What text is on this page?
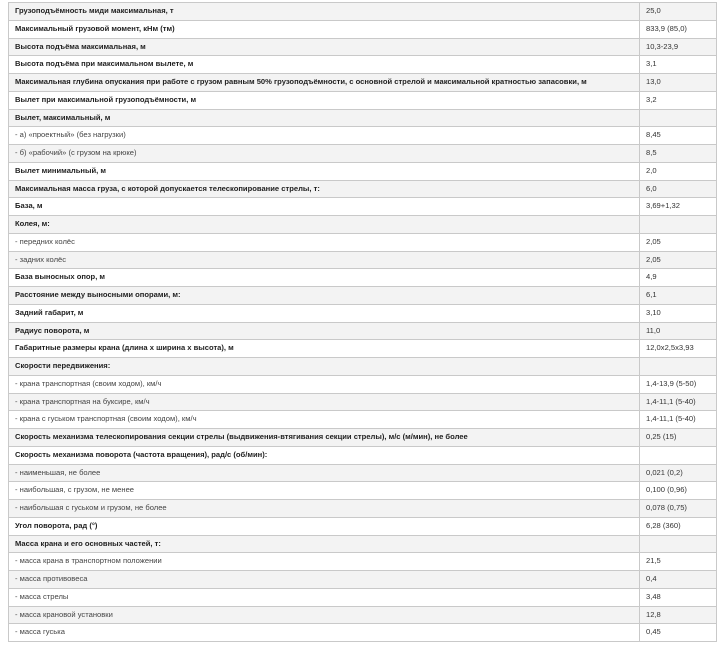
Грузоподъёмность миди максимальная, т	25,0
Максимальный грузовой момент, кНм (тм)	833,9 (85,0)
Высота подъёма максимальная, м	10,3-23,9
Высота подъёма при максимальном вылете, м	3,1
Максимальная глубина опускания при работе с грузом равным 50% грузоподъёмности, с основной стрелой и максимальной кратностью запасовки, м	13,0
Вылет при максимальной грузоподъёмности, м	3,2
Вылет, максимальный, м	
- а) «проектный» (без нагрузки)	8,45
- б) «рабочий» (с грузом на крюке)	8,5
Вылет минимальный, м	2,0
Максимальная масса груза, с которой допускается телескопирование стрелы, т:	6,0
База, м	3,69+1,32
Колея, м:	
- передних колёс	2,05
- задних колёс	2,05
База выносных опор, м	4,9
Расстояние между выносными опорами, м:	6,1
Задний габарит, м	3,10
Радиус поворота, м	11,0
Габаритные размеры крана (длина х ширина х высота), м	12,0х2,5х3,93
Скорости передвижения:	
- крана транспортная (своим ходом), км/ч	1,4-13,9 (5-50)
- крана транспортная на буксире, км/ч	1,4-11,1 (5-40)
- крана с гуськом транспортная (своим ходом), км/ч	1,4-11,1 (5-40)
Скорость механизма телескопирования секции стрелы (выдвижения-втягивания секции стрелы), м/с (м/мин), не более	0,25 (15)
Скорость механизма поворота (частота вращения), рад/с (об/мин):	
- наименьшая, не более	0,021 (0,2)
- наибольшая, с грузом, не менее	0,100 (0,96)
- наибольшая с гуськом и грузом, не более	0,078 (0,75)
Угол поворота, рад (°)	6,28 (360)
Масса крана и его основных частей, т:	
- масса крана в транспортном положении	21,5
- масса противовеса	0,4
- масса стрелы	3,48
- масса крановой установки	12,8
- масса гуська	0,45
